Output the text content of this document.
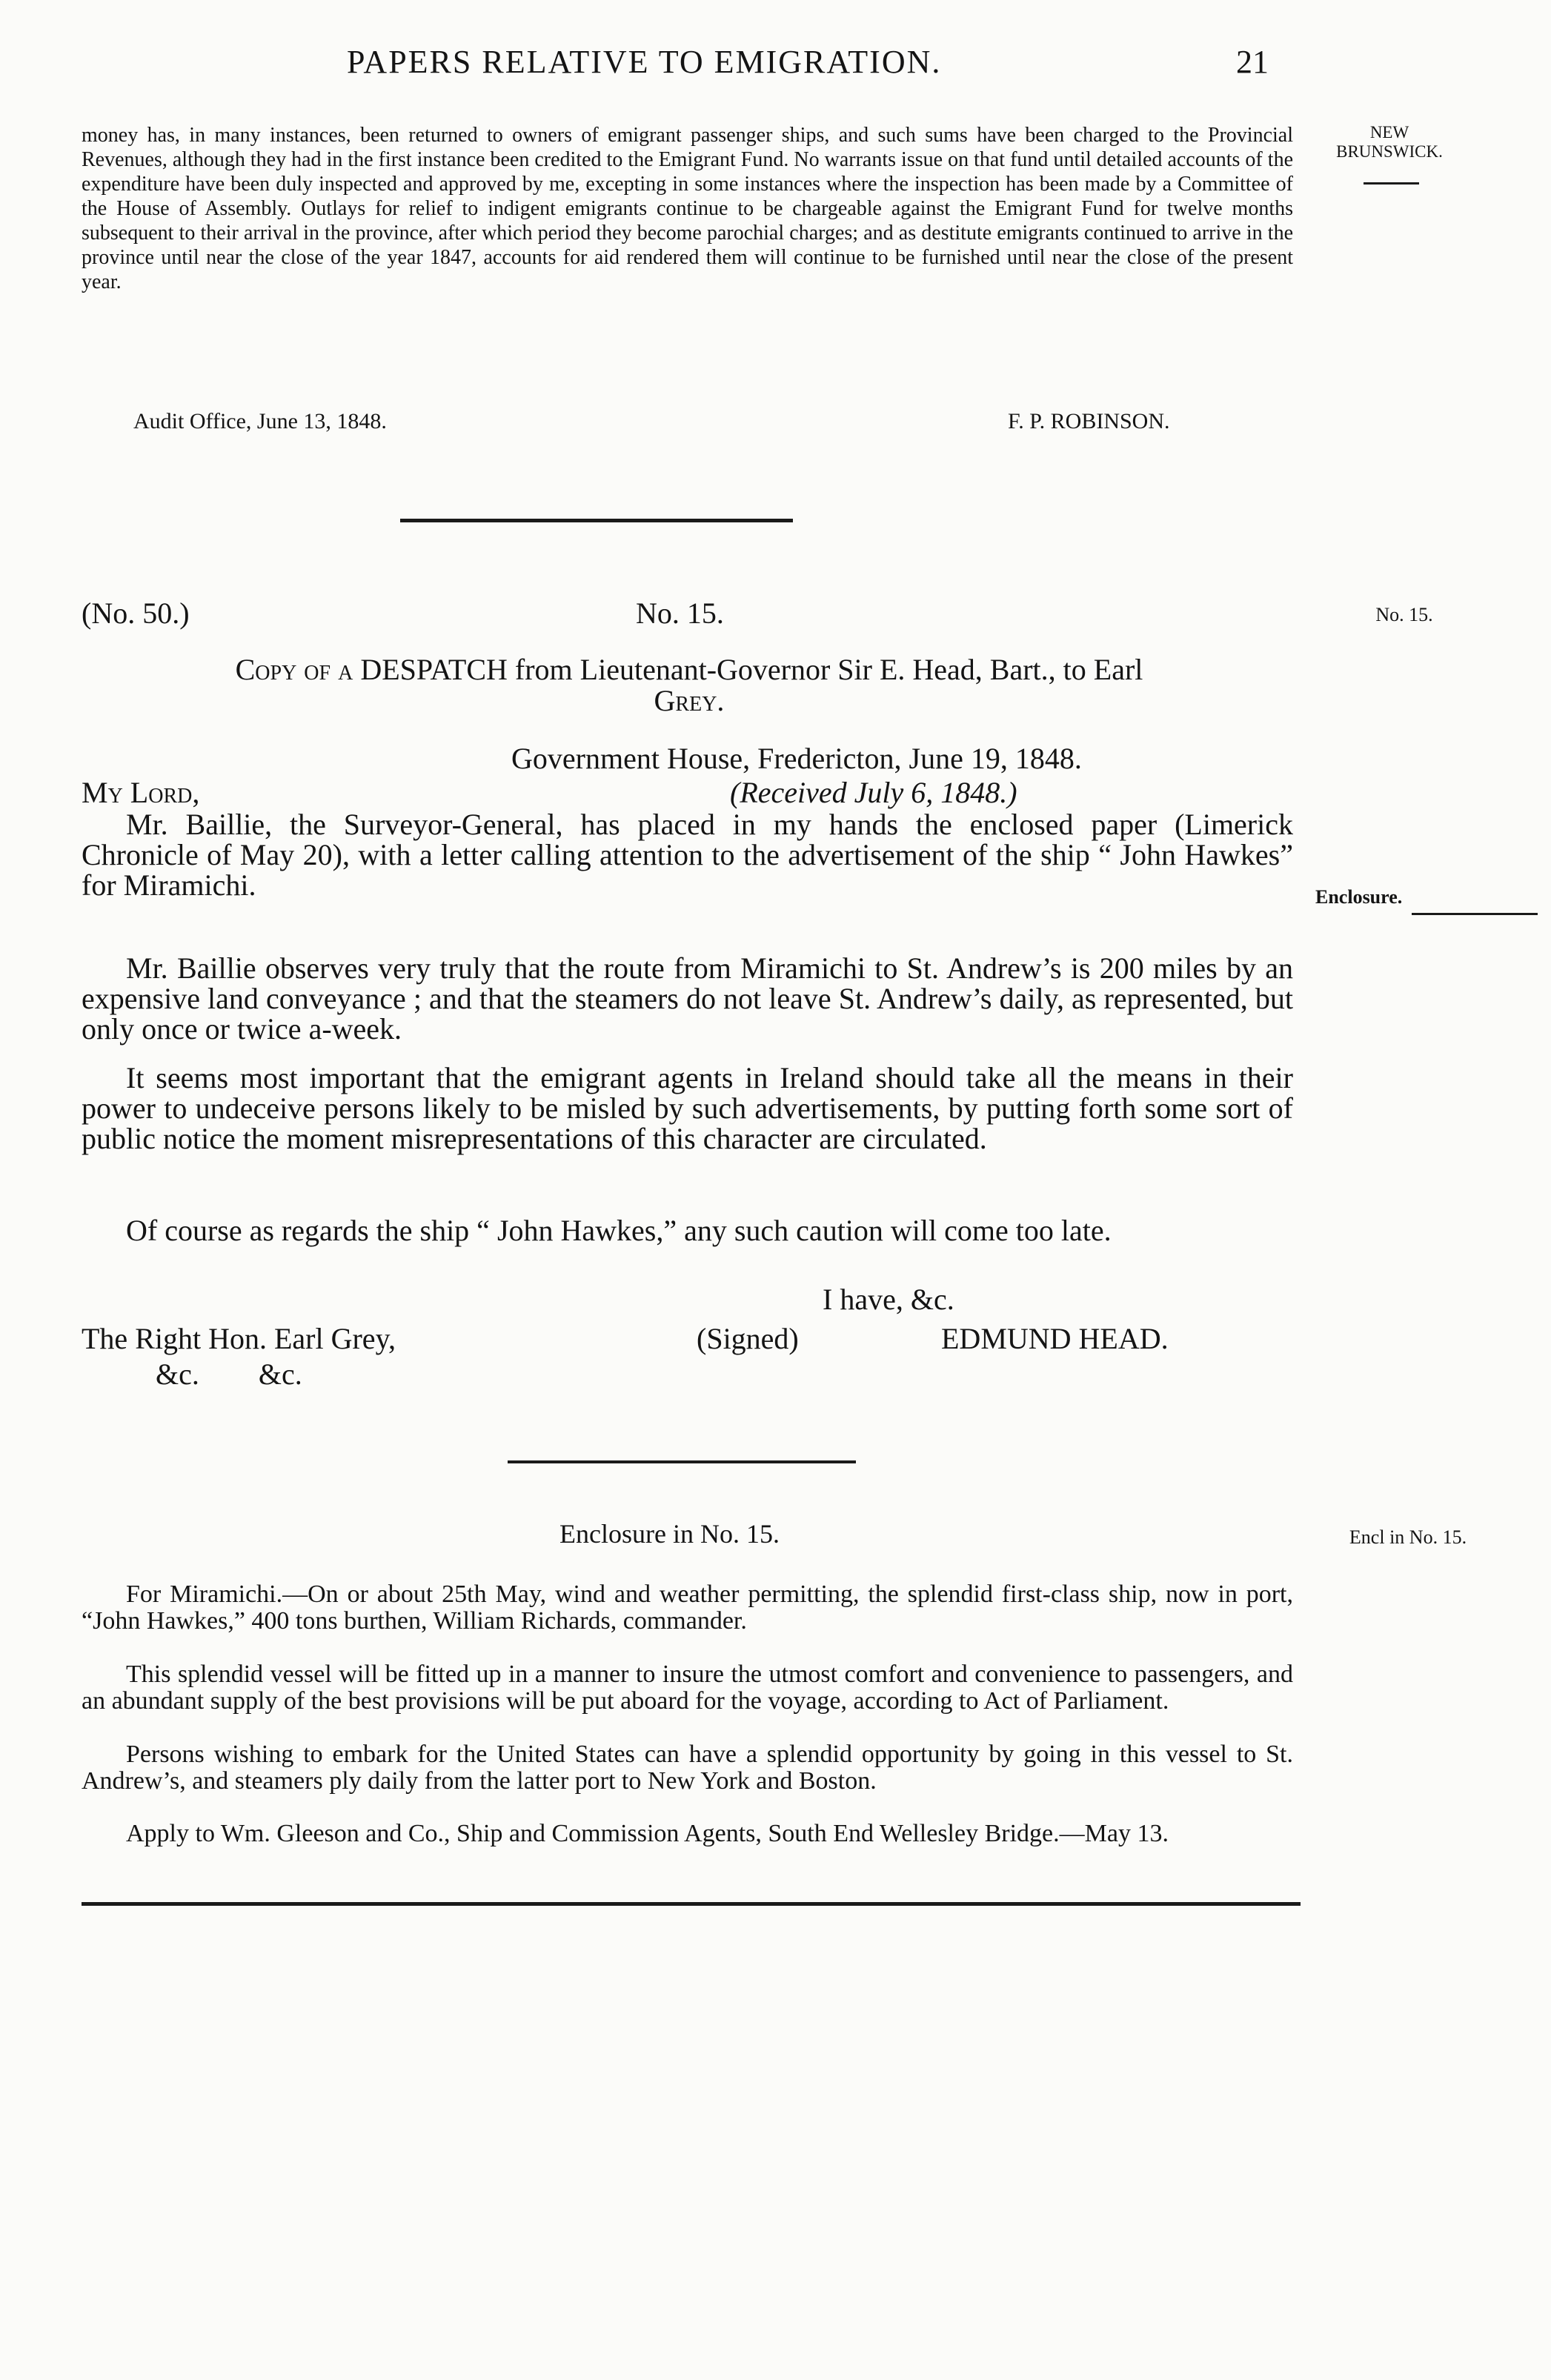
PAPERS RELATIVE TO EMIGRATION.	21
NEW BRUNSWICK.
money has, in many instances, been returned to owners of emigrant passenger ships, and such sums have been charged to the Provincial Revenues, although they had in the first instance been credited to the Emigrant Fund. No warrants issue on that fund until detailed accounts of the expenditure have been duly inspected and approved by me, excepting in some instances where the inspection has been made by a Committee of the House of Assembly. Outlays for relief to indigent emigrants continue to be chargeable against the Emigrant Fund for twelve months subsequent to their arrival in the province, after which period they become parochial charges; and as destitute emigrants continued to arrive in the province until near the close of the year 1847, accounts for aid rendered them will continue to be furnished until near the close of the present year.
Audit Office, June 13, 1848.	F. P. ROBINSON.
(No. 50.)	No. 15.	No. 15.
Copy of a DESPATCH from Lieutenant-Governor Sir E. Head, Bart., to Earl
Grey.
Government House, Fredericton, June 19, 1848.
My Lord,	(Received July 6, 1848.)
Enclosure.
Mr. Baillie, the Surveyor-General, has placed in my hands the enclosed paper (Limerick Chronicle of May 20), with a letter calling attention to the advertisement of the ship “ John Hawkes” for Miramichi.
Mr. Baillie observes very truly that the route from Miramichi to St. Andrew’s is 200 miles by an expensive land conveyance ; and that the steamers do not leave St. Andrew’s daily, as represented, but only once or twice a-week.
It seems most important that the emigrant agents in Ireland should take all the means in their power to undeceive persons likely to be misled by such advertisements, by putting forth some sort of public notice the moment misrepresentations of this character are circulated.
Of course as regards the ship “ John Hawkes,” any such caution will come too late.
I have, &c.
The Right Hon. Earl Grey,	(Signed)	EDMUND HEAD.
&c.        &c.
Enclosure in No. 15.	Encl in No. 15.
For Miramichi.—On or about 25th May, wind and weather permitting, the splendid first-class ship, now in port, “John Hawkes,” 400 tons burthen, William Richards, commander.
This splendid vessel will be fitted up in a manner to insure the utmost comfort and convenience to passengers, and an abundant supply of the best provisions will be put aboard for the voyage, according to Act of Parliament.
Persons wishing to embark for the United States can have a splendid opportunity by going in this vessel to St. Andrew’s, and steamers ply daily from the latter port to New York and Boston.
Apply to Wm. Gleeson and Co., Ship and Commission Agents, South End Wellesley Bridge.—May 13.
